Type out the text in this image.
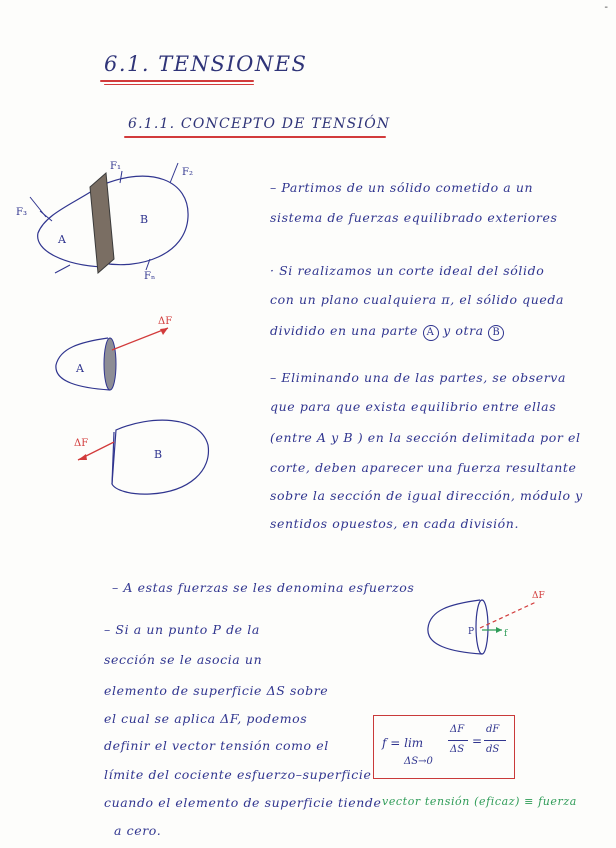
-
6.1. TENSIONES
6.1.1. CONCEPTO DE TENSIÓN
A
B
F₁
F₂
F₃
Fₙ
A
ΔF
B
ΔF
– Partimos de un sólido cometido a un
sistema de fuerzas equilibrado exteriores
· Si realizamos un corte ideal del sólido
con un plano cualquiera π, el sólido queda
dividido en una parte A y otra B
– Eliminando una de las partes, se observa
que para que exista equilibrio entre ellas
(entre A y B ) en la sección delimitada por el
corte, deben aparecer una fuerza resultante
sobre la sección de igual dirección, módulo y
sentidos opuestos, en cada división.
– A estas fuerzas se les denomina esfuerzos
– Si a un punto P de la
sección se le asocia un
elemento de superficie ΔS sobre
el cual se aplica ΔF, podemos
definir el vector tensión como el
límite del cociente esfuerzo–superficie
cuando el elemento de superficie tiende
a cero.
vector tensión (eficaz) ≡ fuerza
P	f
ΔF
f = lim
ΔS→0
ΔF
ΔS
=
dF
dS
